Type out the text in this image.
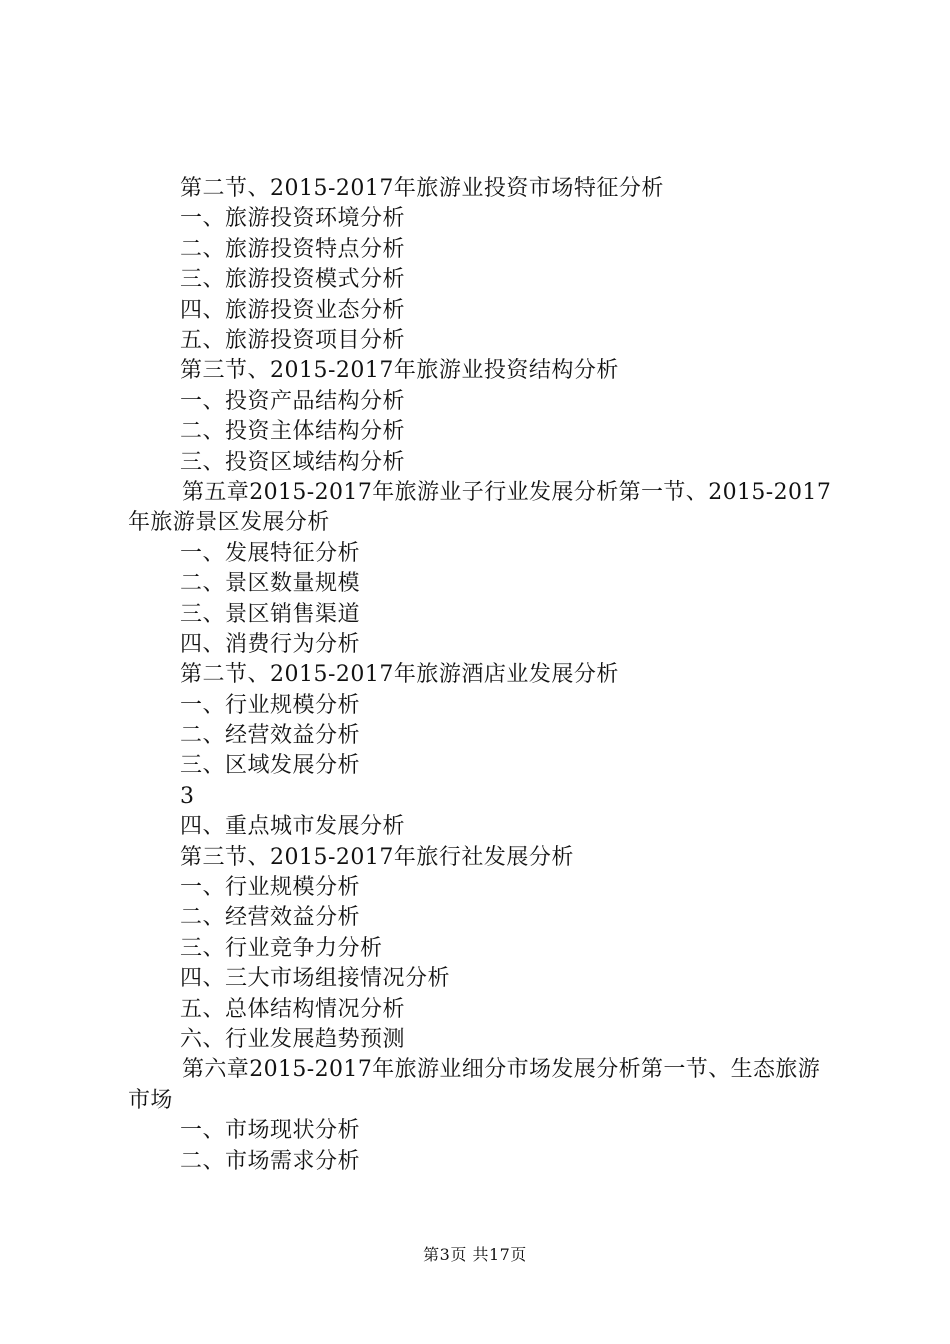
第二节、2015-2017年旅游业投资市场特征分析
一、旅游投资环境分析
二、旅游投资特点分析
三、旅游投资模式分析
四、旅游投资业态分析
五、旅游投资项目分析
第三节、2015-2017年旅游业投资结构分析
一、投资产品结构分析
二、投资主体结构分析
三、投资区域结构分析
第五章2015-2017年旅游业子行业发展分析第一节、2015-2017年旅游景区发展分析
一、发展特征分析
二、景区数量规模
三、景区销售渠道
四、消费行为分析
第二节、2015-2017年旅游酒店业发展分析
一、行业规模分析
二、经营效益分析
三、区域发展分析
3
四、重点城市发展分析
第三节、2015-2017年旅行社发展分析
一、行业规模分析
二、经营效益分析
三、行业竞争力分析
四、三大市场组接情况分析
五、总体结构情况分析
六、行业发展趋势预测
第六章2015-2017年旅游业细分市场发展分析第一节、生态旅游市场
一、市场现状分析
二、市场需求分析
第3页 共17页
